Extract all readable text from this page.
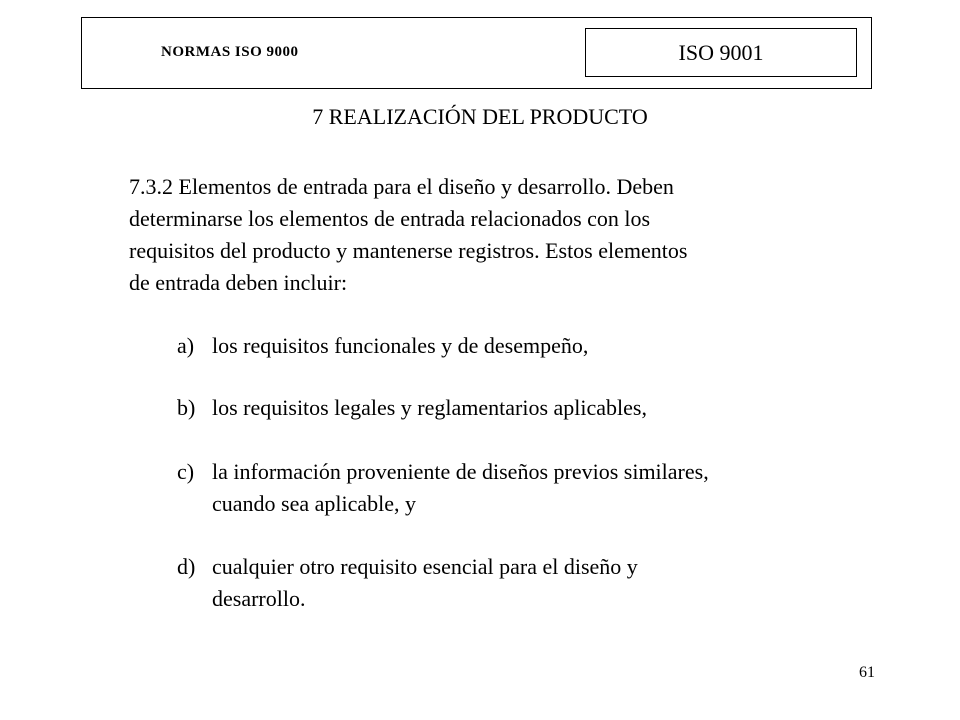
NORMAS ISO 9000	ISO 9001
7 REALIZACIÓN DEL PRODUCTO
7.3.2 Elementos de entrada para el diseño y desarrollo. Deben
determinarse los elementos de entrada relacionados con los
requisitos del producto y mantenerse registros. Estos elementos
de entrada deben incluir:
a) los requisitos funcionales y de desempeño,
b) los requisitos legales y reglamentarios aplicables,
c) la información proveniente de diseños previos similares,
cuando sea aplicable, y
d) cualquier otro requisito esencial para el diseño y
desarrollo.
61
